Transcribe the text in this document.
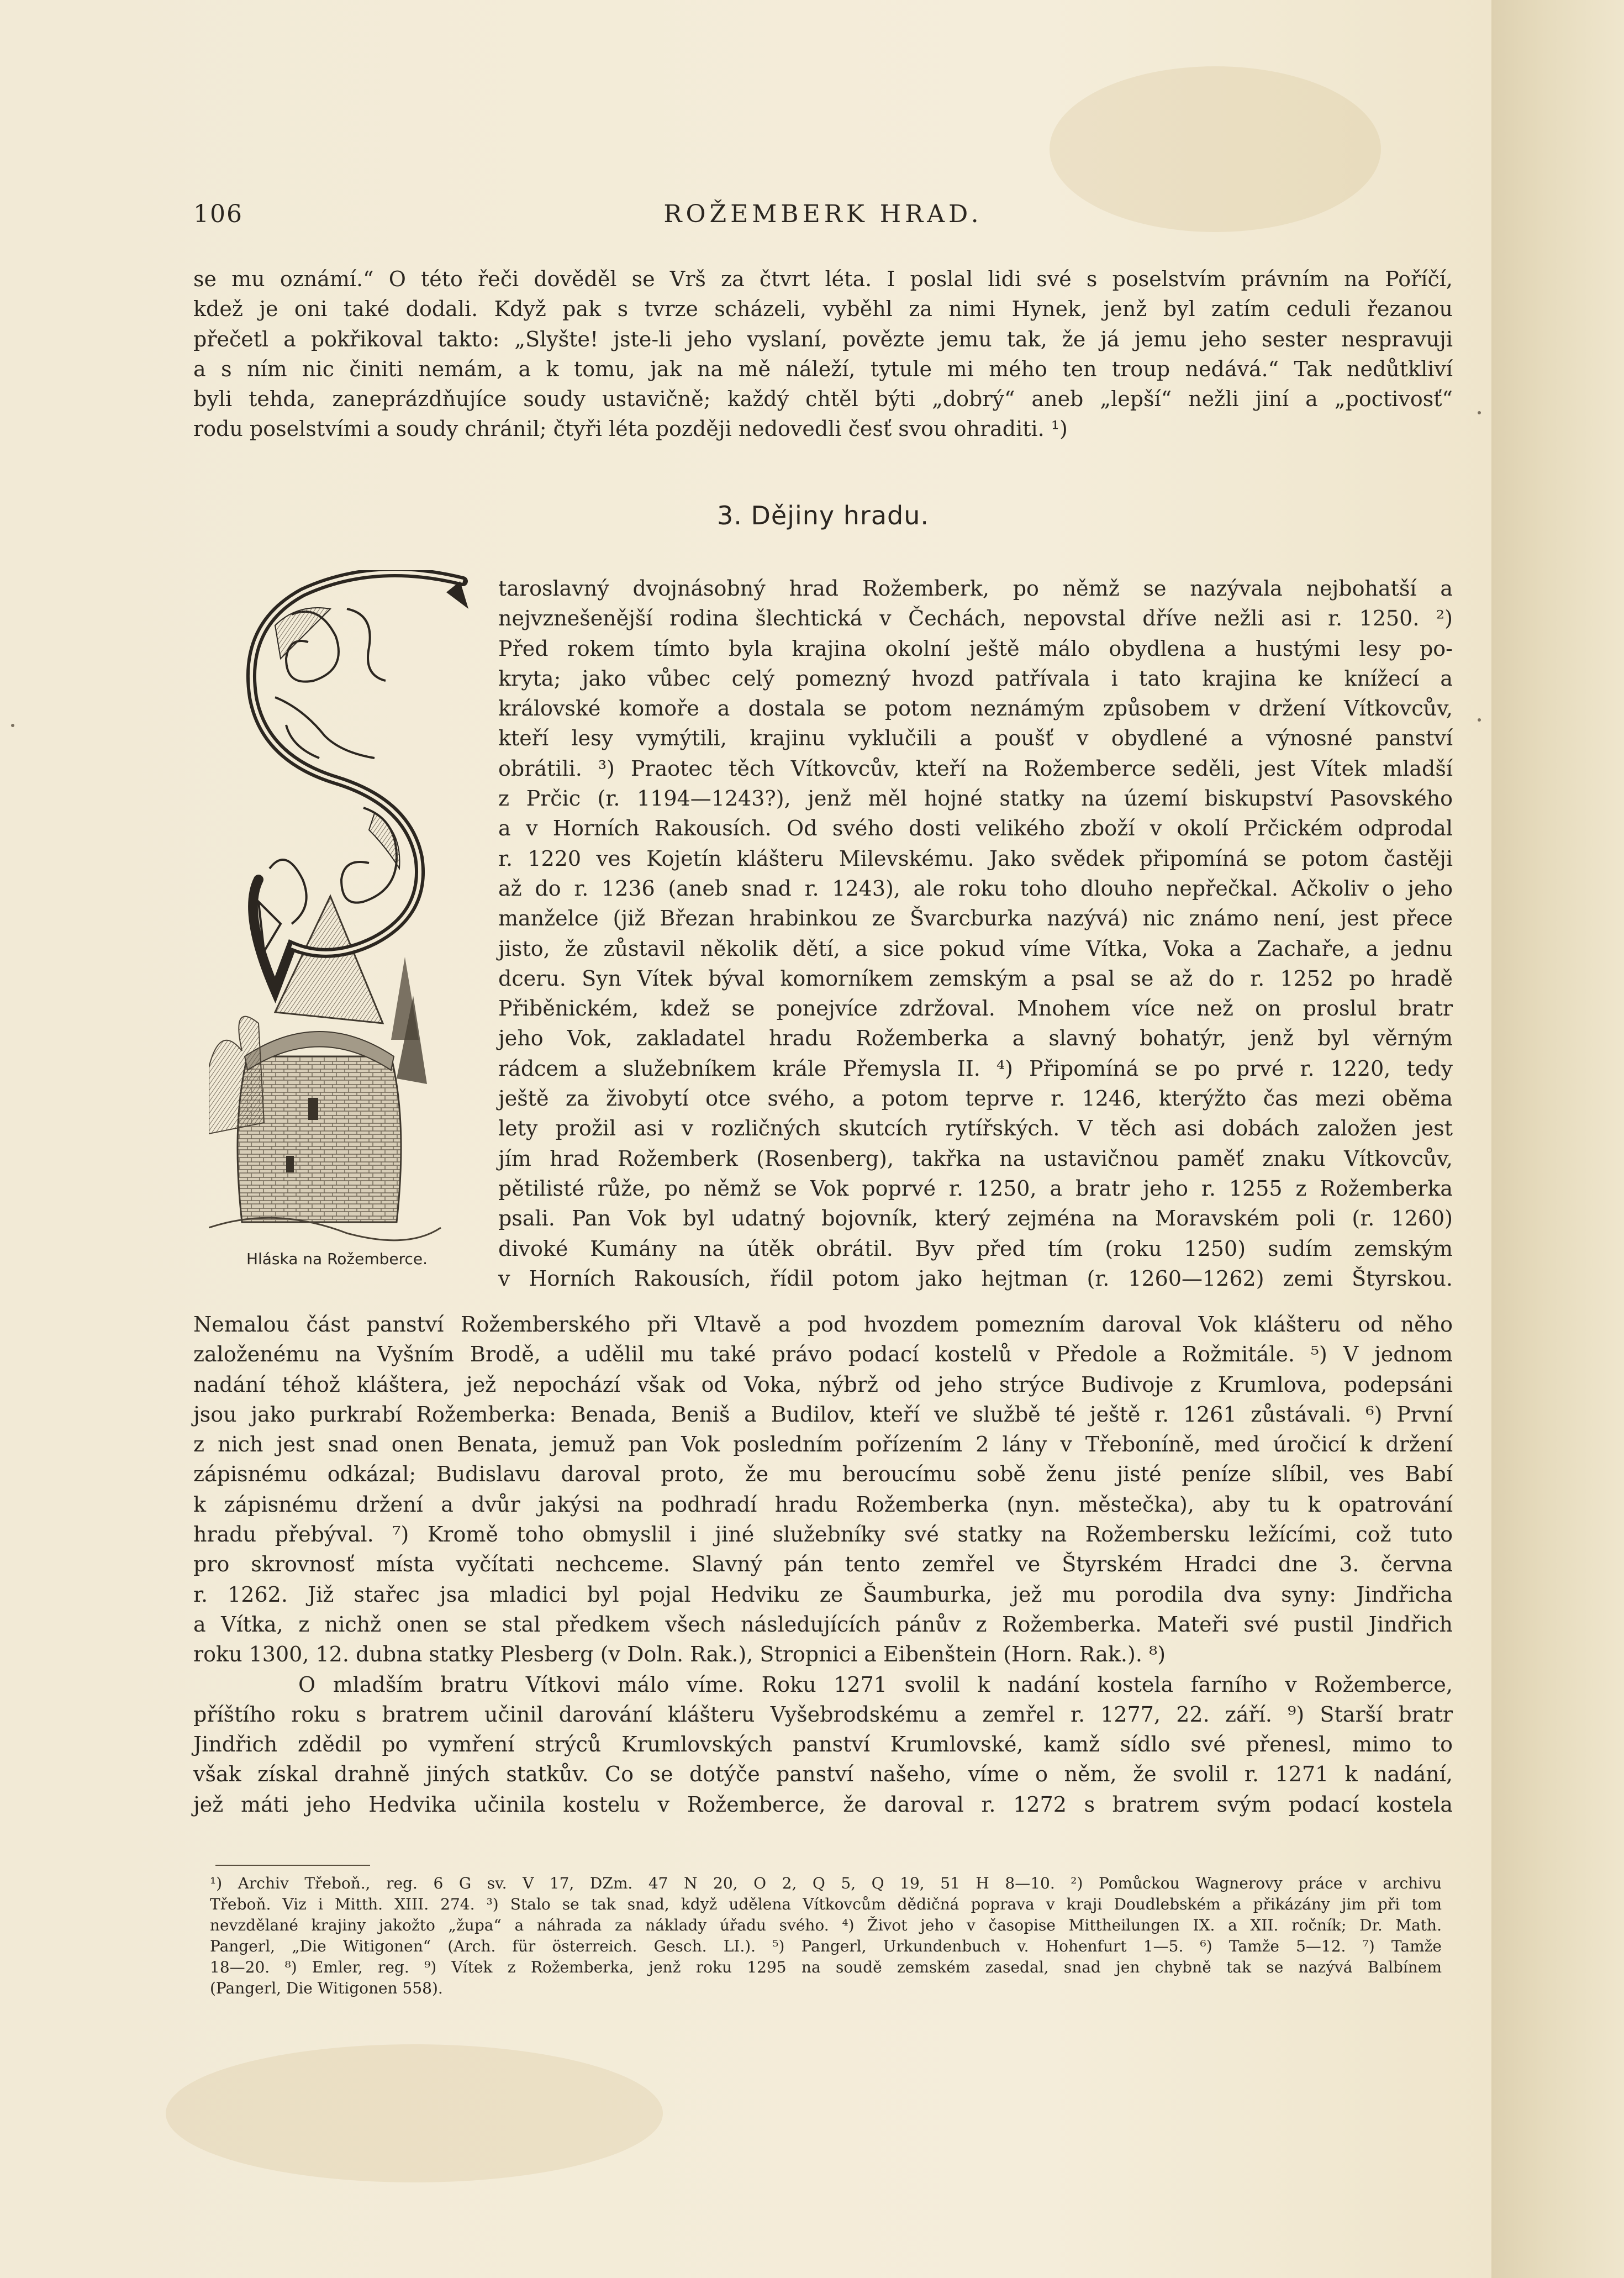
106	ROŽEMBERK HRAD.
se mu oznámí.“ O této řeči dověděl se Vrš za čtvrt léta. I poslal lidi své s poselstvím právním na Poříčí,
kdež je oni také dodali. Když pak s tvrze scházeli, vyběhl za nimi Hynek, jenž byl zatím ceduli řezanou
přečetl a pokřikoval takto: „Slyšte! jste-li jeho vyslaní, povězte jemu tak, že já jemu jeho sester nespravuji
a s ním nic činiti nemám, a k tomu, jak na mě náleží, tytule mi mého ten troup nedává.“ Tak nedůtkliví
byli tehda, zaneprázdňujíce soudy ustavičně; každý chtěl býti „dobrý“ aneb „lepší“ nežli jiní a „poctivosť“
rodu poselstvími a soudy chránil; čtyři léta později nedovedli česť svou ohraditi. ¹)
3. Dějiny hradu.
Hláska na Rožemberce.
taroslavný dvojnásobný hrad Rožemberk, po němž se nazývala nejbohatší a
nejvznešenější rodina šlechtická v Čechách, nepovstal dříve nežli asi r. 1250. ²)
Před rokem tímto byla krajina okolní ještě málo obydlena a hustými lesy po-
kryta; jako vůbec celý pomezný hvozd patřívala i tato krajina ke knížecí a
královské komoře a dostala se potom neznámým způsobem v držení Vítkovcův,
kteří lesy vymýtili, krajinu vyklučili a poušť v obydlené a výnosné panství
obrátili. ³) Praotec těch Vítkovcův, kteří na Rožemberce seděli, jest Vítek mladší
z Prčic (r. 1194—1243?), jenž měl hojné statky na území biskupství Pasovského
a v Horních Rakousích. Od svého dosti velikého zboží v okolí Prčickém odprodal
r. 1220 ves Kojetín klášteru Milevskému. Jako svědek připomíná se potom častěji
až do r. 1236 (aneb snad r. 1243), ale roku toho dlouho nepřečkal. Ačkoliv o jeho
manželce (již Březan hrabinkou ze Švarcburka nazývá) nic známo není, jest přece
jisto, že zůstavil několik dětí, a sice pokud víme Vítka, Voka a Zachaře, a jednu
dceru. Syn Vítek býval komorníkem zemským a psal se až do r. 1252 po hradě
Přiběnickém, kdež se ponejvíce zdržoval. Mnohem více než on proslul bratr
jeho Vok, zakladatel hradu Rožemberka a slavný bohatýr, jenž byl věrným
rádcem a služebníkem krále Přemysla II. ⁴) Připomíná se po prvé r. 1220, tedy
ještě za živobytí otce svého, a potom teprve r. 1246, kterýžto čas mezi oběma
lety prožil asi v rozličných skutcích rytířských. V těch asi dobách založen jest
jím hrad Rožemberk (Rosenberg), takřka na ustavičnou paměť znaku Vítkovcův,
pětilisté růže, po němž se Vok poprvé r. 1250, a bratr jeho r. 1255 z Rožemberka
psali. Pan Vok byl udatný bojovník, který zejména na Moravském poli (r. 1260)
divoké Kumány na útěk obrátil. Byv před tím (roku 1250) sudím zemským
v Horních Rakousích, řídil potom jako hejtman (r. 1260—1262) zemi Štyrskou.
Nemalou část panství Rožemberského při Vltavě a pod hvozdem pomezním daroval Vok klášteru od něho
založenému na Vyšním Brodě, a udělil mu také právo podací kostelů v Předole a Rožmitále. ⁵) V jednom
nadání téhož kláštera, jež nepochází však od Voka, nýbrž od jeho strýce Budivoje z Krumlova, podepsáni
jsou jako purkrabí Rožemberka: Benada, Beniš a Budilov, kteří ve službě té ještě r. 1261 zůstávali. ⁶) První
z nich jest snad onen Benata, jemuž pan Vok posledním pořízením 2 lány v Třeboníně, med úročicí k držení
zápisnému odkázal; Budislavu daroval proto, že mu beroucímu sobě ženu jisté peníze slíbil, ves Babí
k zápisnému držení a dvůr jakýsi na podhradí hradu Rožemberka (nyn. městečka), aby tu k opatrování
hradu přebýval. ⁷) Kromě toho obmyslil i jiné služebníky své statky na Rožembersku ležícími, což tuto
pro skrovnosť místa vyčítati nechceme. Slavný pán tento zemřel ve Štyrském Hradci dne 3. června
r. 1262. Již stařec jsa mladici byl pojal Hedviku ze Šaumburka, jež mu porodila dva syny: Jindřicha
a Vítka, z nichž onen se stal předkem všech následujících pánův z Rožemberka. Mateři své pustil Jindřich
roku 1300, 12. dubna statky Plesberg (v Doln. Rak.), Stropnici a Eibenštein (Horn. Rak.). ⁸)
O mladším bratru Vítkovi málo víme. Roku 1271 svolil k nadání kostela farního v Rožemberce,
příštího roku s bratrem učinil darování klášteru Vyšebrodskému a zemřel r. 1277, 22. září. ⁹) Starší bratr
Jindřich zdědil po vymření strýců Krumlovských panství Krumlovské, kamž sídlo své přenesl, mimo to
však získal drahně jiných statkův. Co se dotýče panství našeho, víme o něm, že svolil r. 1271 k nadání,
jež máti jeho Hedvika učinila kostelu v Rožemberce, že daroval r. 1272 s bratrem svým podací kostela
¹) Archiv Třeboň., reg. 6 G sv. V 17, DZm. 47 N 20, O 2, Q 5, Q 19, 51 H 8—10. ²) Pomůckou Wagnerovy práce v archivu
Třeboň. Viz i Mitth. XIII. 274. ³) Stalo se tak snad, když udělena Vítkovcům dědičná poprava v kraji Doudlebském a přikázány jim při tom
nevzdělané krajiny jakožto „župa“ a náhrada za náklady úřadu svého. ⁴) Život jeho v časopise Mittheilungen IX. a XII. ročník; Dr. Math.
Pangerl, „Die Witigonen“ (Arch. für österreich. Gesch. LI.). ⁵) Pangerl, Urkundenbuch v. Hohenfurt 1—5. ⁶) Tamže 5—12. ⁷) Tamže
18—20. ⁸) Emler, reg. ⁹) Vítek z Rožemberka, jenž roku 1295 na soudě zemském zasedal, snad jen chybně tak se nazývá Balbínem
(Pangerl, Die Witigonen 558).
